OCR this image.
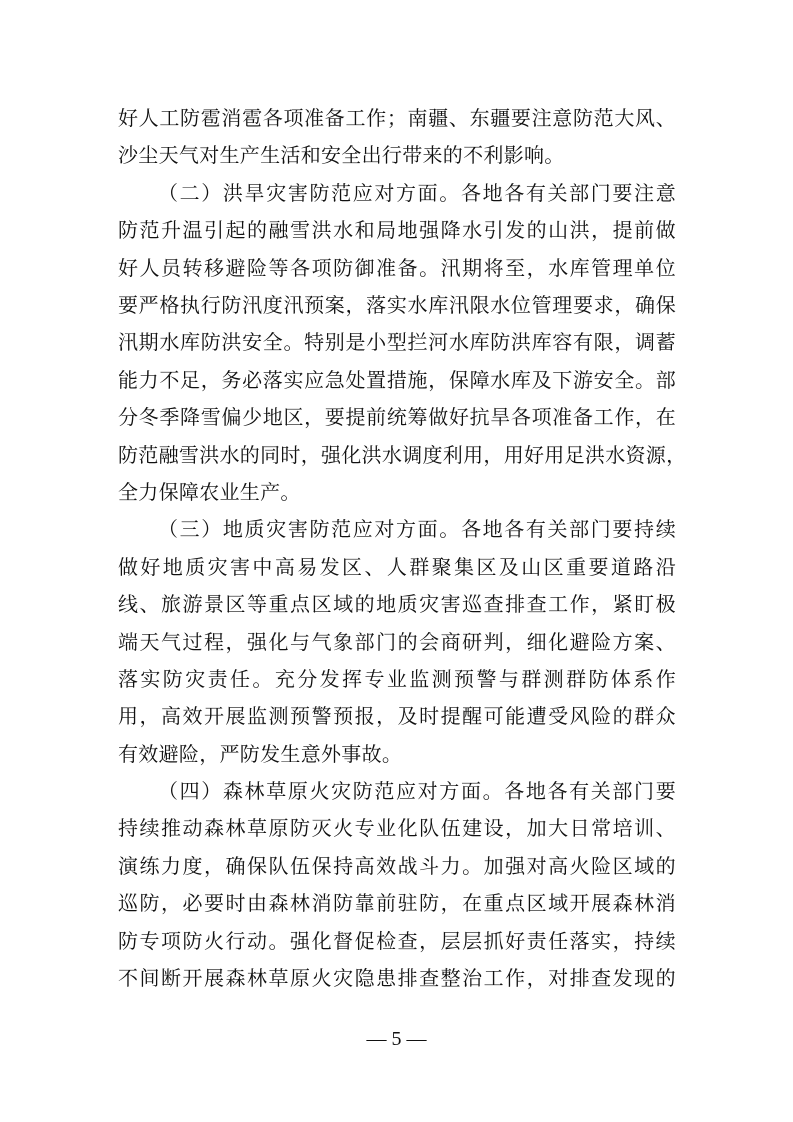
好人工防雹消雹各项准备工作；南疆、东疆要注意防范大风、
沙尘天气对生产生活和安全出行带来的不利影响。
（二）洪旱灾害防范应对方面。各地各有关部门要注意
防范升温引起的融雪洪水和局地强降水引发的山洪，提前做
好人员转移避险等各项防御准备。汛期将至，水库管理单位
要严格执行防汛度汛预案，落实水库汛限水位管理要求，确保
汛期水库防洪安全。特别是小型拦河水库防洪库容有限，调蓄
能力不足，务必落实应急处置措施，保障水库及下游安全。部
分冬季降雪偏少地区，要提前统筹做好抗旱各项准备工作，在
防范融雪洪水的同时，强化洪水调度利用，用好用足洪水资源，
全力保障农业生产。
（三）地质灾害防范应对方面。各地各有关部门要持续
做好地质灾害中高易发区、人群聚集区及山区重要道路沿
线、旅游景区等重点区域的地质灾害巡查排查工作，紧盯极
端天气过程，强化与气象部门的会商研判，细化避险方案、
落实防灾责任。充分发挥专业监测预警与群测群防体系作
用，高效开展监测预警预报，及时提醒可能遭受风险的群众
有效避险，严防发生意外事故。
（四）森林草原火灾防范应对方面。各地各有关部门要
持续推动森林草原防灭火专业化队伍建设，加大日常培训、
演练力度，确保队伍保持高效战斗力。加强对高火险区域的
巡防，必要时由森林消防靠前驻防，在重点区域开展森林消
防专项防火行动。强化督促检查，层层抓好责任落实，持续
不间断开展森林草原火灾隐患排查整治工作，对排查发现的
— 5 —
